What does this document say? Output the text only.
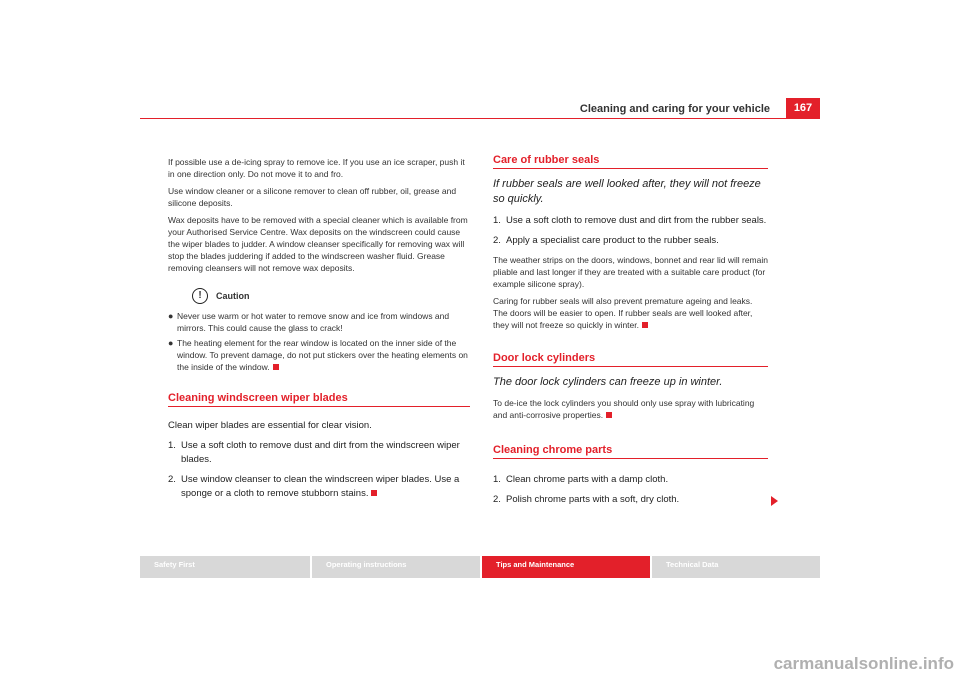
Cleaning and caring for your vehicle	167

If possible use a de-icing spray to remove ice. If you use an ice scraper, push it in one direction only. Do not move it to and fro.

Use window cleaner or a silicone remover to clean off rubber, oil, grease and silicone deposits.

Wax deposits have to be removed with a special cleaner which is available from your Authorised Service Centre. Wax deposits on the windscreen could cause the wiper blades to judder. A window cleanser specifically for removing wax will stop the blades juddering if added to the windscreen washer fluid. Grease removing cleansers will not remove wax deposits.

!	Caution
● Never use warm or hot water to remove snow and ice from windows and mirrors. This could cause the glass to crack!
● The heating element for the rear window is located on the inner side of the window. To prevent damage, do not put stickers over the heating elements on the inside of the window.
Cleaning windscreen wiper blades
Clean wiper blades are essential for clear vision.
1. Use a soft cloth to remove dust and dirt from the windscreen wiper blades.
2. Use window cleanser to clean the windscreen wiper blades. Use a sponge or a cloth to remove stubborn stains.
Care of rubber seals
If rubber seals are well looked after, they will not freeze so quickly.
1. Use a soft cloth to remove dust and dirt from the rubber seals.
2. Apply a specialist care product to the rubber seals.

The weather strips on the doors, windows, bonnet and rear lid will remain pliable and last longer if they are treated with a suitable care product (for example silicone spray).

Caring for rubber seals will also prevent premature ageing and leaks. The doors will be easier to open. If rubber seals are well looked after, they will not freeze so quickly in winter.

Door lock cylinders
The door lock cylinders can freeze up in winter.

To de-ice the lock cylinders you should only use spray with lubricating and anti-corrosive properties.

Cleaning chrome parts
1. Clean chrome parts with a damp cloth.
2. Polish chrome parts with a soft, dry cloth.
Safety First	Operating instructions	Tips and Maintenance	Technical Data
carmanualsonline.info
